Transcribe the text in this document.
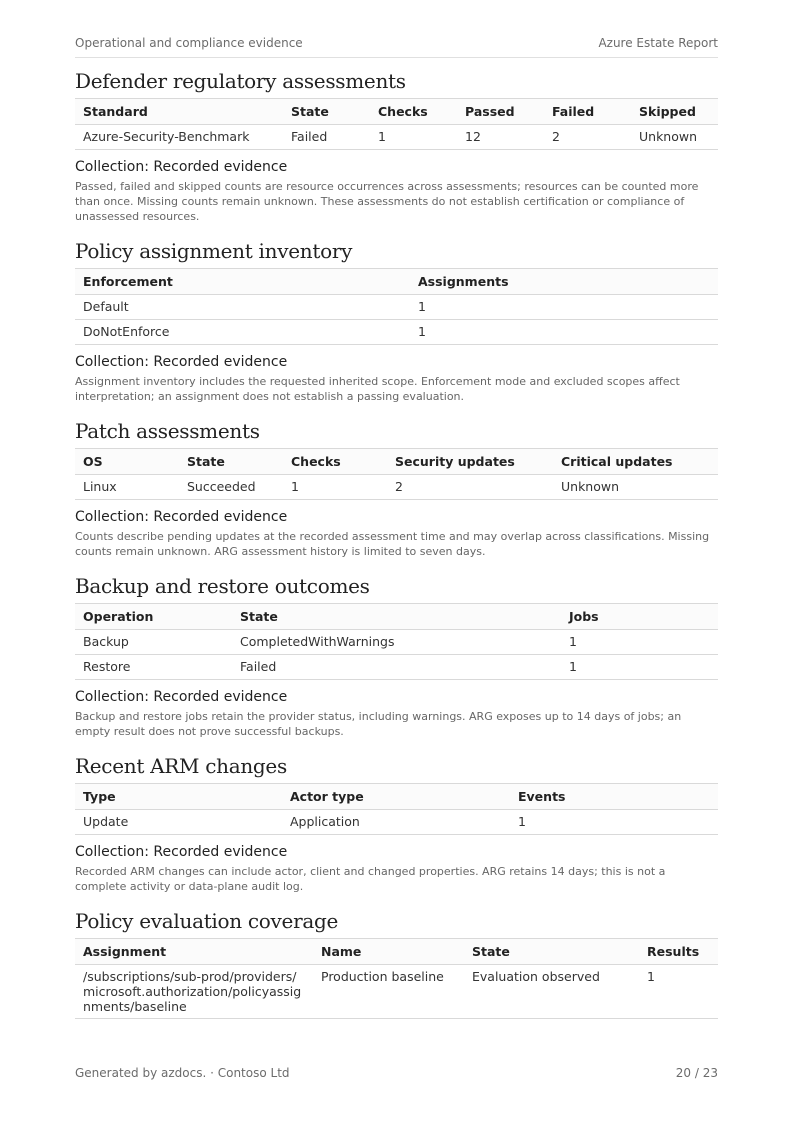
Operational and compliance evidence	Azure Estate Report
Defender regulatory assessments
Standard	State	Checks	Passed	Failed	Skipped
Azure-Security-Benchmark	Failed	1	12	2	Unknown
Collection: Recorded evidence
Passed, failed and skipped counts are resource occurrences across assessments; resources can be counted more than once. Missing counts remain unknown. These assessments do not establish certification or compliance of unassessed resources.
Policy assignment inventory
Enforcement	Assignments
Default	1
DoNotEnforce	1
Collection: Recorded evidence
Assignment inventory includes the requested inherited scope. Enforcement mode and excluded scopes affect interpretation; an assignment does not establish a passing evaluation.
Patch assessments
OS	State	Checks	Security updates	Critical updates
Linux	Succeeded	1	2	Unknown
Collection: Recorded evidence
Counts describe pending updates at the recorded assessment time and may overlap across classifications. Missing counts remain unknown. ARG assessment history is limited to seven days.
Backup and restore outcomes
Operation	State	Jobs
Backup	CompletedWithWarnings	1
Restore	Failed	1
Collection: Recorded evidence
Backup and restore jobs retain the provider status, including warnings. ARG exposes up to 14 days of jobs; an empty result does not prove successful backups.
Recent ARM changes
Type	Actor type	Events
Update	Application	1
Collection: Recorded evidence
Recorded ARM changes can include actor, client and changed properties. ARG retains 14 days; this is not a complete activity or data-plane audit log.
Policy evaluation coverage
Assignment	Name	State	Results
/subscriptions/sub-prod/providers/microsoft.authorization/policyassignments/baseline	Production baseline	Evaluation observed	1
Generated by azdocs. · Contoso Ltd	20 / 23
